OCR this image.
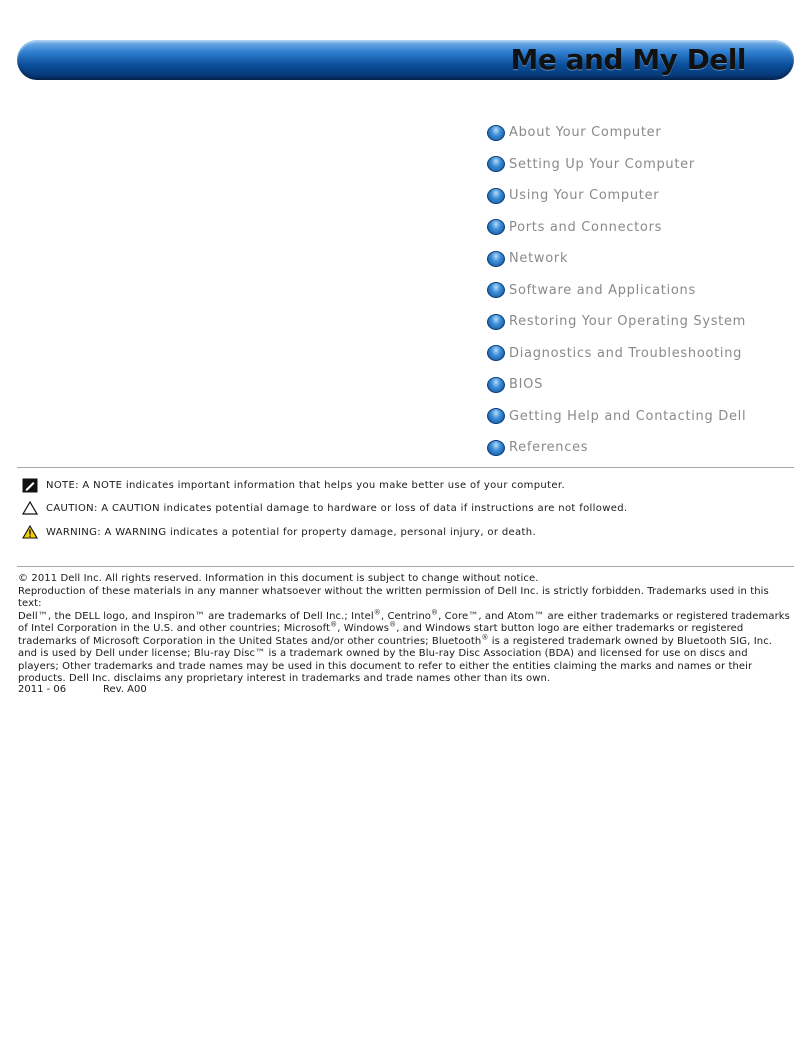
Me and My Dell
About Your Computer
Setting Up Your Computer
Using Your Computer
Ports and Connectors
Network
Software and Applications
Restoring Your Operating System
Diagnostics and Troubleshooting
BIOS
Getting Help and Contacting Dell
References
NOTE: A NOTE indicates important information that helps you make better use of your computer.
CAUTION: A CAUTION indicates potential damage to hardware or loss of data if instructions are not followed.
WARNING: A WARNING indicates a potential for property damage, personal injury, or death.

© 2011 Dell Inc. All rights reserved. Information in this document is subject to change without notice.

Reproduction of these materials in any manner whatsoever without the written permission of Dell Inc. is strictly forbidden. Trademarks used in this text:

Dell™, the DELL logo, and Inspiron™ are trademarks of Dell Inc.; Intel®, Centrino®, Core™, and Atom™ are either trademarks or registered trademarks of Intel Corporation in the U.S. and other countries; Microsoft®, Windows®, and Windows start button logo are either trademarks or registered trademarks of Microsoft Corporation in the United States and/or other countries; Bluetooth® is a registered trademark owned by Bluetooth SIG, Inc. and is used by Dell under license; Blu-ray Disc™ is a trademark owned by the Blu-ray Disc Association (BDA) and licensed for use on discs and players; Other trademarks and trade names may be used in this document to refer to either the entities claiming the marks and names or their products. Dell Inc. disclaims any proprietary interest in trademarks and trade names other than its own.

2011 - 06	Rev. A00
